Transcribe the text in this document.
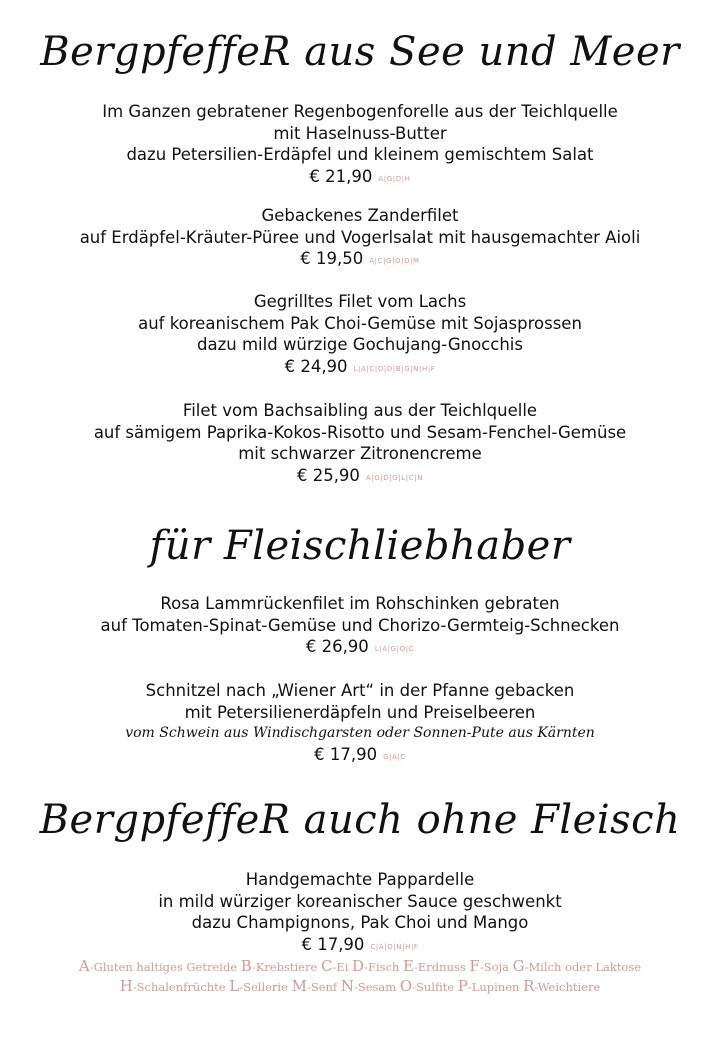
BergpfeffeR aus See und Meer
Im Ganzen gebratener Regenbogenforelle aus der Teichlquelle
mit Haselnuss-Butter
dazu Petersilien-Erdäpfel und kleinem gemischtem Salat
€ 21,90 A|G|D|H
Gebackenes Zanderfilet
auf Erdäpfel-Kräuter-Püree und Vogerlsalat mit hausgemachter Aioli
€ 19,50 A|C|G|O|D|M
Gegrilltes Filet vom Lachs
auf koreanischem Pak Choi-Gemüse mit Sojasprossen
dazu mild würzige Gochujang-Gnocchis
€ 24,90 L|A|C|O|D|B|G|N|H|F
Filet vom Bachsaibling aus der Teichlquelle
auf sämigem Paprika-Kokos-Risotto und Sesam-Fenchel-Gemüse
mit schwarzer Zitronencreme
€ 25,90 A|O|D|G|L|C|N
für Fleischliebhaber
Rosa Lammrückenfilet im Rohschinken gebraten
auf Tomaten-Spinat-Gemüse und Chorizo-Germteig-Schnecken
€ 26,90 L|A|G|O|C
Schnitzel nach „Wiener Art“ in der Pfanne gebacken
mit Petersilienerdäpfeln und Preiselbeeren
vom Schwein aus Windischgarsten oder Sonnen-Pute aus Kärnten
€ 17,90 G|A|C
BergpfeffeR auch ohne Fleisch
Handgemachte Pappardelle
in mild würziger koreanischer Sauce geschwenkt
dazu Champignons, Pak Choi und Mango
€ 17,90 C|A|O|N|H|F
A-Gluten haltiges Getreide B-Krebstiere C-Ei D-Fisch E-Erdnuss F-Soja G-Milch oder Laktose
H-Schalenfrüchte L-Sellerie M-Senf N-Sesam O-Sulfite P-Lupinen R-Weichtiere
